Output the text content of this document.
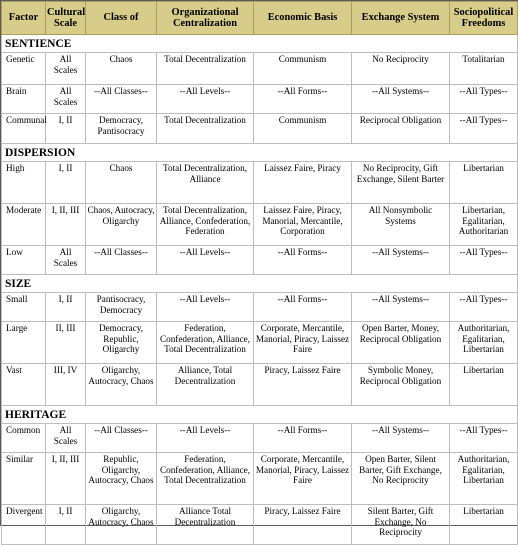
Factor	Cultural Scale	Class of	Organizational Centralization	Economic Basis	Exchange System	Sociopolitical Freedoms
SENTIENCE						
Genetic	All Scales	Chaos	Total Decentralization	Communism	No Reciprocity	Totalitarian
Brain	All Scales	--All Classes--	--All Levels--	--All Forms--	--All Systems--	--All Types--
Communal	I, II	Democracy, Pantisocracy	Total Decentralization	Communism	Reciprocal Obligation	--All Types--
DISPERSION						
High	I, II	Chaos	Total Decentralization, Alliance	Laissez Faire, Piracy	No Reciprocity, Gift Exchange, Silent Barter	Libertarian
Moderate	I, II, III	Chaos, Autocracy, Oligarchy	Total Decentralization, Alliance, Confederation, Federation	Laissez Faire, Piracy, Manorial, Mercantile, Corporation	All Nonsymbolic Systems	Libertarian, Egalitarian, Authoritarian
Low	All Scales	--All Classes--	--All Levels--	--All Forms--	--All Systems--	--All Types--
SIZE						
Small	I, II	Pantisocracy, Democracy	--All Levels--	--All Forms--	--All Systems--	--All Types--
Large	II, III	Democracy, Republic, Oligarchy	Federation, Confederation, Alliance, Total Decentralization	Corporate, Mercantile, Manorial, Piracy, Laissez Faire	Open Barter, Money, Reciprocal Obligation	Authoritarian, Egalitarian, Libertarian
Vast	III, IV	Oligarchy, Autocracy, Chaos	Alliance, Total Decentralization	Piracy, Laissez Faire	Symbolic Money, Reciprocal Obligation	Libertarian
HERITAGE						
Common	All Scales	--All Classes--	--All Levels--	--All Forms--	--All Systems--	--All Types--
Similar	I, II, III	Republic, Oligarchy, Autocracy, Chaos	Federation, Confederation, Alliance, Total Decentralization	Corporate, Mercantile, Manorial, Piracy, Laissez Faire	Open Barter, Silent Barter, Gift Exchange, No Reciprocity	Authoritarian, Egalitarian, Libertarian
Divergent	I, II	Oligarchy, Autocracy, Chaos	Alliance Total Decentralization	Piracy, Laissez Faire	Silent Barter, Gift Exchange, No Reciprocity	Libertarian
